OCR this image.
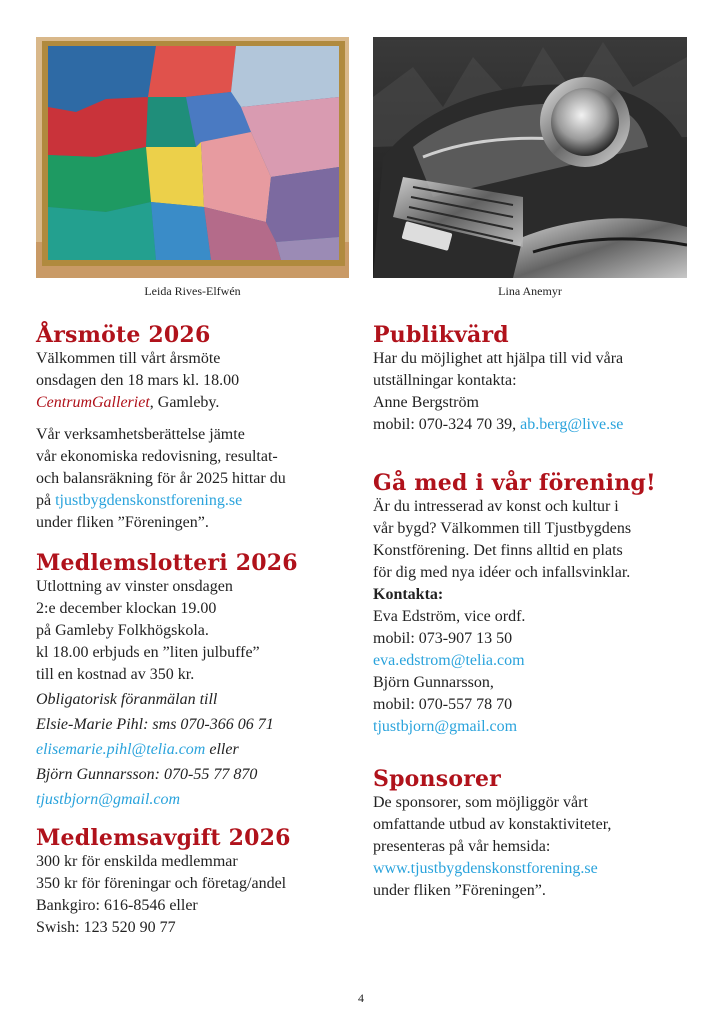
Leida Rives-Elfwén
Årsmöte 2026

Välkommen till vårt årsmöte
onsdagen den 18 mars kl. 18.00
CentrumGalleriet, Gamleby.

Vår verksamhetsberättelse jämte
vår ekonomiska redovisning, resultat-
och balansräkning för år 2025 hittar du
på tjustbygdenskonstforening.se
under fliken ”Föreningen”.

Medlemslotteri 2026

Utlottning av vinster onsdagen
2:e december klockan 19.00
på Gamleby Folkhögskola.
kl 18.00 erbjuds en ”liten julbuffe”
till en kostnad av 350 kr.
Obligatorisk föranmälan till
Elsie-Marie Pihl: sms 070-366 06 71
elisemarie.pihl@telia.com eller
Björn Gunnarsson: 070-55 77 870
tjustbjorn@gmail.com

Medlemsavgift 2026

300 kr för enskilda medlemmar
350 kr för föreningar och företag/andel
Bankgiro: 616-8546 eller
Swish: 123 520 90 77

Lina Anemyr
Publikvärd

Har du möjlighet att hjälpa till vid våra
utställningar kontakta:
Anne Bergström
mobil: 070-324 70 39, ab.berg@live.se

Gå med i vår förening!

Är du intresserad av konst och kultur i
vår bygd? Välkommen till Tjustbygdens
Konstförening. Det finns alltid en plats
för dig med nya idéer och infallsvinklar.
Kontakta:
Eva Edström, vice ordf.
mobil: 073-907 13 50
eva.edstrom@telia.com
Björn Gunnarsson,
mobil: 070-557 78 70
tjustbjorn@gmail.com

Sponsorer

De sponsorer, som möjliggör vårt
omfattande utbud av konstaktiviteter,
presenteras på vår hemsida:
www.tjustbygdenskonstforening.se
under fliken ”Föreningen”.

4
